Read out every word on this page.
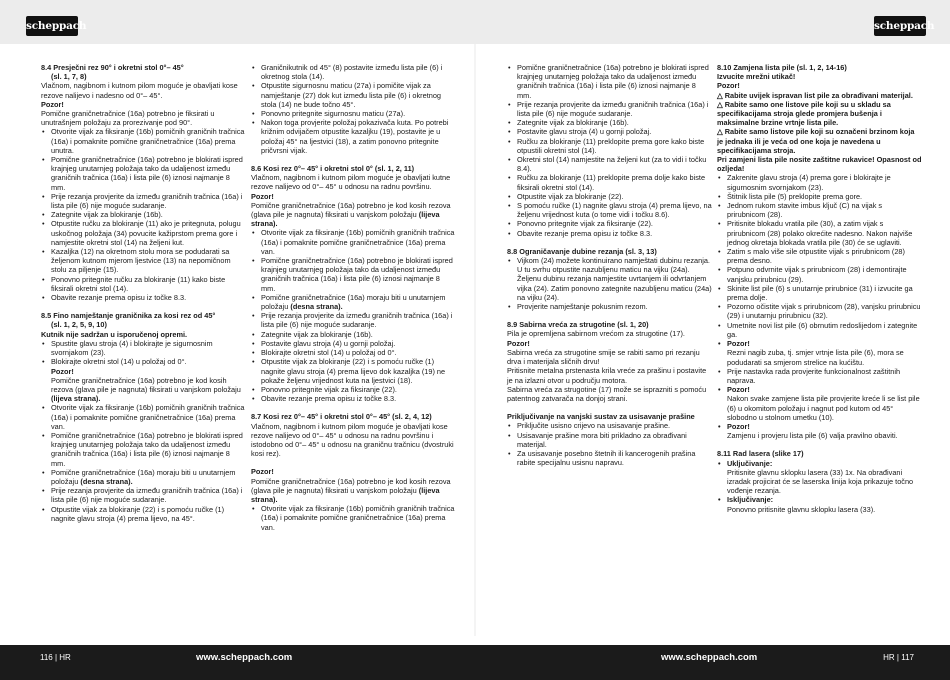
scheppach	scheppach
8.4 Presječni rez 90° i okretni stol 0°– 45°
(sl. 1, 7, 8)

Vlačnom, nagibnom i kutnom pilom moguće je obavljati kose rezove nalijevo i nadesno od 0°– 45°.

Pozor!

Pomične graničnetračnice (16a) potrebno je fiksirati u unutrašnjem položaju za prorezivanje pod 90°.

• Otvorite vijak za fiksiranje (16b) pomičnih graničnih tračnica (16a) i pomaknite pomične graničnetračnice (16a) prema unutra.
• Pomične graničnetračnice (16a) potrebno je blokirati ispred krajnjeg unutarnjeg položaja tako da udaljenost između graničnih tračnica (16a) i lista pile (6) iznosi najmanje 8 mm.
• Prije rezanja provjerite da između graničnih tračnica (16a) i lista pile (6) nije moguće sudaranje.
• Zategnite vijak za blokiranje (16b).
• Otpustite ručku za blokiranje (11) ako je pritegnuta, polugu uskočnog položaja (34) povucite kažiprstom prema gore i namjestite okretni stol (14) na željeni kut.
• Kazaljka (12) na okretnom stolu mora se podudarati sa željenom kutnom mjerom ljestvice (13) na nepomičnom stolu za piljenje (15).
• Ponovno pritegnite ručku za blokiranje (11) kako biste fiksirali okretni stol (14).
• Obavite rezanje prema opisu iz točke 8.3.
8.5 Fino namještanje graničnika za kosi rez od 45°
(sl. 1, 2, 5, 9, 10)

Kutnik nije sadržan u isporučenoj opremi.

• Spustite glavu stroja (4) i blokirajte je sigurnosnim svornjakom (23).
• Blokirajte okretni stol (14) u položaj od 0°.

Pozor!

Pomične graničnetračnice (16a) potrebno je kod kosih rezova (glava pile je nagnuta) fiksirati u vanjskom položaju (lijeva strana).

• Otvorite vijak za fiksiranje (16b) pomičnih graničnih tračnica (16a) i pomaknite pomične graničnetračnice (16a) prema van.
• Pomične graničnetračnice (16a) potrebno je blokirati ispred krajnjeg unutarnjeg položaja tako da udaljenost između graničnih tračnica (16a) i lista pile (6) iznosi najmanje 8 mm.
• Pomične graničnetračnice (16a) moraju biti u unutarnjem položaju (desna strana).
• Prije rezanja provjerite da između graničnih tračnica (16a) i lista pile (6) nije moguće sudaranje.
• Otpustite vijak za blokiranje (22) i s pomoću ručke (1) nagnite glavu stroja (4) prema lijevo, na 45°.
• Graničnikutnik od 45° (8) postavite između lista pile (6) i okretnog stola (14).
• Otpustite sigurnosnu maticu (27a) i pomičite vijak za namještanje (27) dok kut između lista pile (6) i okretnog stola (14) ne bude točno 45°.
• Ponovno pritegnite sigurnosnu maticu (27a).
• Nakon toga provjerite položaj pokazivača kuta. Po potrebi križnim odvijačem otpustite kazaljku (19), postavite je u položaj 45° na ljestvici (18), a zatim ponovno pritegnite pričvrsni vijak.
8.6 Kosi rez 0°– 45° i okretni stol 0° (sl. 1, 2, 11)

Vlačnom, nagibnom i kutnom pilom moguće je obavljati kutne rezove nalijevo od 0°– 45° u odnosu na radnu površinu.

Pozor!

Pomične graničnetračnice (16a) potrebno je kod kosih rezova (glava pile je nagnuta) fiksirati u vanjskom položaju (lijeva strana).

• Otvorite vijak za fiksiranje (16b) pomičnih graničnih tračnica (16a) i pomaknite pomične graničnetračnice (16a) prema van.
• Pomične graničnetračnice (16a) potrebno je blokirati ispred krajnjeg unutarnjeg položaja tako da udaljenost između graničnih tračnica (16a) i lista pile (6) iznosi najmanje 8 mm.
• Pomične graničnetračnice (16a) moraju biti u unutarnjem položaju (desna strana).
• Prije rezanja provjerite da između graničnih tračnica (16a) i lista pile (6) nije moguće sudaranje.
• Zategnite vijak za blokiranje (16b).
• Postavite glavu stroja (4) u gornji položaj.
• Blokirajte okretni stol (14) u položaj od 0°.
• Otpustite vijak za blokiranje (22) i s pomoću ručke (1) nagnite glavu stroja (4) prema lijevo dok kazaljka (19) ne pokaže željenu vrijednost kuta na ljestvici (18).
• Ponovno pritegnite vijak za fiksiranje (22).
• Obavite rezanje prema opisu iz točke 8.3.
8.7 Kosi rez 0°– 45° i okretni stol 0°– 45° (sl. 2, 4, 12)

Vlačnom, nagibnom i kutnom pilom moguće je obavljati kose rezove nalijevo od 0°– 45° u odnosu na radnu površinu i istodobno od 0°– 45° u odnosu na graničnu tračnicu (dvostruki kosi rez).

Pozor!

Pomične graničnetračnice (16a) potrebno je kod kosih rezova (glava pile je nagnuta) fiksirati u vanjskom položaju (lijeva strana).

• Otvorite vijak za fiksiranje (16b) pomičnih graničnih tračnica (16a) i pomaknite pomične graničnetračnice (16a) prema van.
• Pomične graničnetračnice (16a) potrebno je blokirati ispred krajnjeg unutarnjeg položaja tako da udaljenost između graničnih tračnica (16a) i lista pile (6) iznosi najmanje 8 mm.
• Prije rezanja provjerite da između graničnih tračnica (16a) i lista pile (6) nije moguće sudaranje.
• Zategnite vijak za blokiranje (16b).
• Postavite glavu stroja (4) u gornji položaj.
• Ručku za blokiranje (11) preklopite prema gore kako biste otpustili okretni stol (14).
• Okretni stol (14) namjestite na željeni kut (za to vidi i točku 8.4).
• Ručku za blokiranje (11) preklopite prema dolje kako biste fiksirali okretni stol (14).
• Otpustite vijak za blokiranje (22).
• S pomoću ručke (1) nagnite glavu stroja (4) prema lijevo, na željenu vrijednost kuta (o tome vidi i točku 8.6).
• Ponovno pritegnite vijak za fiksiranje (22).
• Obavite rezanje prema opisu iz točke 8.3.
8.8 Ograničavanje dubine rezanja (sl. 3, 13)
• Vijkom (24) možete kontinuirano namještati dubinu rezanja. U tu svrhu otpustite nazubljenu maticu na vijku (24a). Željenu dubinu rezanja namjestite uvrtanjem ili odvrtanjem vijka (24). Zatim ponovno zategnite nazubljenu maticu (24a) na vijku (24).
• Provjerite namještanje pokusnim rezom.
8.9 Sabirna vreća za strugotine (sl. 1, 20)

Pila je opremljena sabirnom vrećom za strugotine (17).

Pozor!

Sabirna vreća za strugotine smije se rabiti samo pri rezanju drva i materijala sličnih drvu!

Pritisnite metalna prstenasta krila vreće za prašinu i postavite je na izlazni otvor u području motora.

Sabirna vreća za strugotine (17) može se isprazniti s pomoću patentnog zatvarača na donjoj strani.

Priključivanje na vanjski sustav za usisavanje prašine
• Priključite usisno crijevo na usisavanje prašine.
• Usisavanje prašine mora biti prikladno za obrađivani materijal.
• Za usisavanje posebno štetnih ili kancerogenih prašina rabite specijalnu usisnu napravu.
8.10 Zamjena lista pile (sl. 1, 2, 14-16)

Izvucite mrežni utikač!

Pozor!

△ Rabite uvijek ispravan list pile za obrađivani materijal.

△ Rabite samo one listove pile koji su u skladu sa specifikacijama stroja glede promjera bušenja i maksimalne brzine vrtnje lista pile.

△ Rabite samo listove pile koji su označeni brzinom koja je jednaka ili je veća od one koja je navedena u specifikacijama stroja.

Pri zamjeni lista pile nosite zaštitne rukavice! Opasnost od ozljeda!

• Zakrenite glavu stroja (4) prema gore i blokirajte je sigurnosnim svornjakom (23).
• Štitnik lista pile (5) preklopite prema gore.
• Jednom rukom stavite imbus ključ (C) na vijak s prirubnicom (28).
• Pritisnite blokadu vratila pile (30), a zatim vijak s prirubnicom (28) polako okrećite nadesno. Nakon najviše jednog okretaja blokada vratila pile (30) će se uglaviti.
• Zatim s malo više sile otpustite vijak s prirubnicom (28) prema desno.
• Potpuno odvrnite vijak s prirubnicom (28) i demontirajte vanjsku prirubnicu (29).
• Skinite list pile (6) s unutarnje prirubnice (31) i izvucite ga prema dolje.
• Pozorno očistite vijak s prirubnicom (28), vanjsku prirubnicu (29) i unutarnju prirubnicu (32).
• Umetnite novi list pile (6) obrnutim redoslijedom i zategnite ga.
• Pozor!

Rezni nagib zuba, tj. smjer vrtnje lista pile (6), mora se podudarati sa smjerom strelice na kućištu.

• Prije nastavka rada provjerite funkcionalnost zaštitnih naprava.
• Pozor!

Nakon svake zamjene lista pile provjerite kreće li se list pile (6) u okomitom položaju i nagnut pod kutom od 45° slobodno u stolnom umetku (10).

• Pozor!

Zamjenu i provjeru lista pile (6) valja pravilno obaviti.

8.11 Rad lasera (slike 17)
• Uključivanje:

Pritisnite glavnu sklopku lasera (33) 1x. Na obrađivani izradak projicirat će se laserska linija koja prikazuje točno vođenje rezanja.

• Isključivanje:

Ponovno pritisnite glavnu sklopku lasera (33).

116 | HR	www.scheppach.com	www.scheppach.com	HR | 117
